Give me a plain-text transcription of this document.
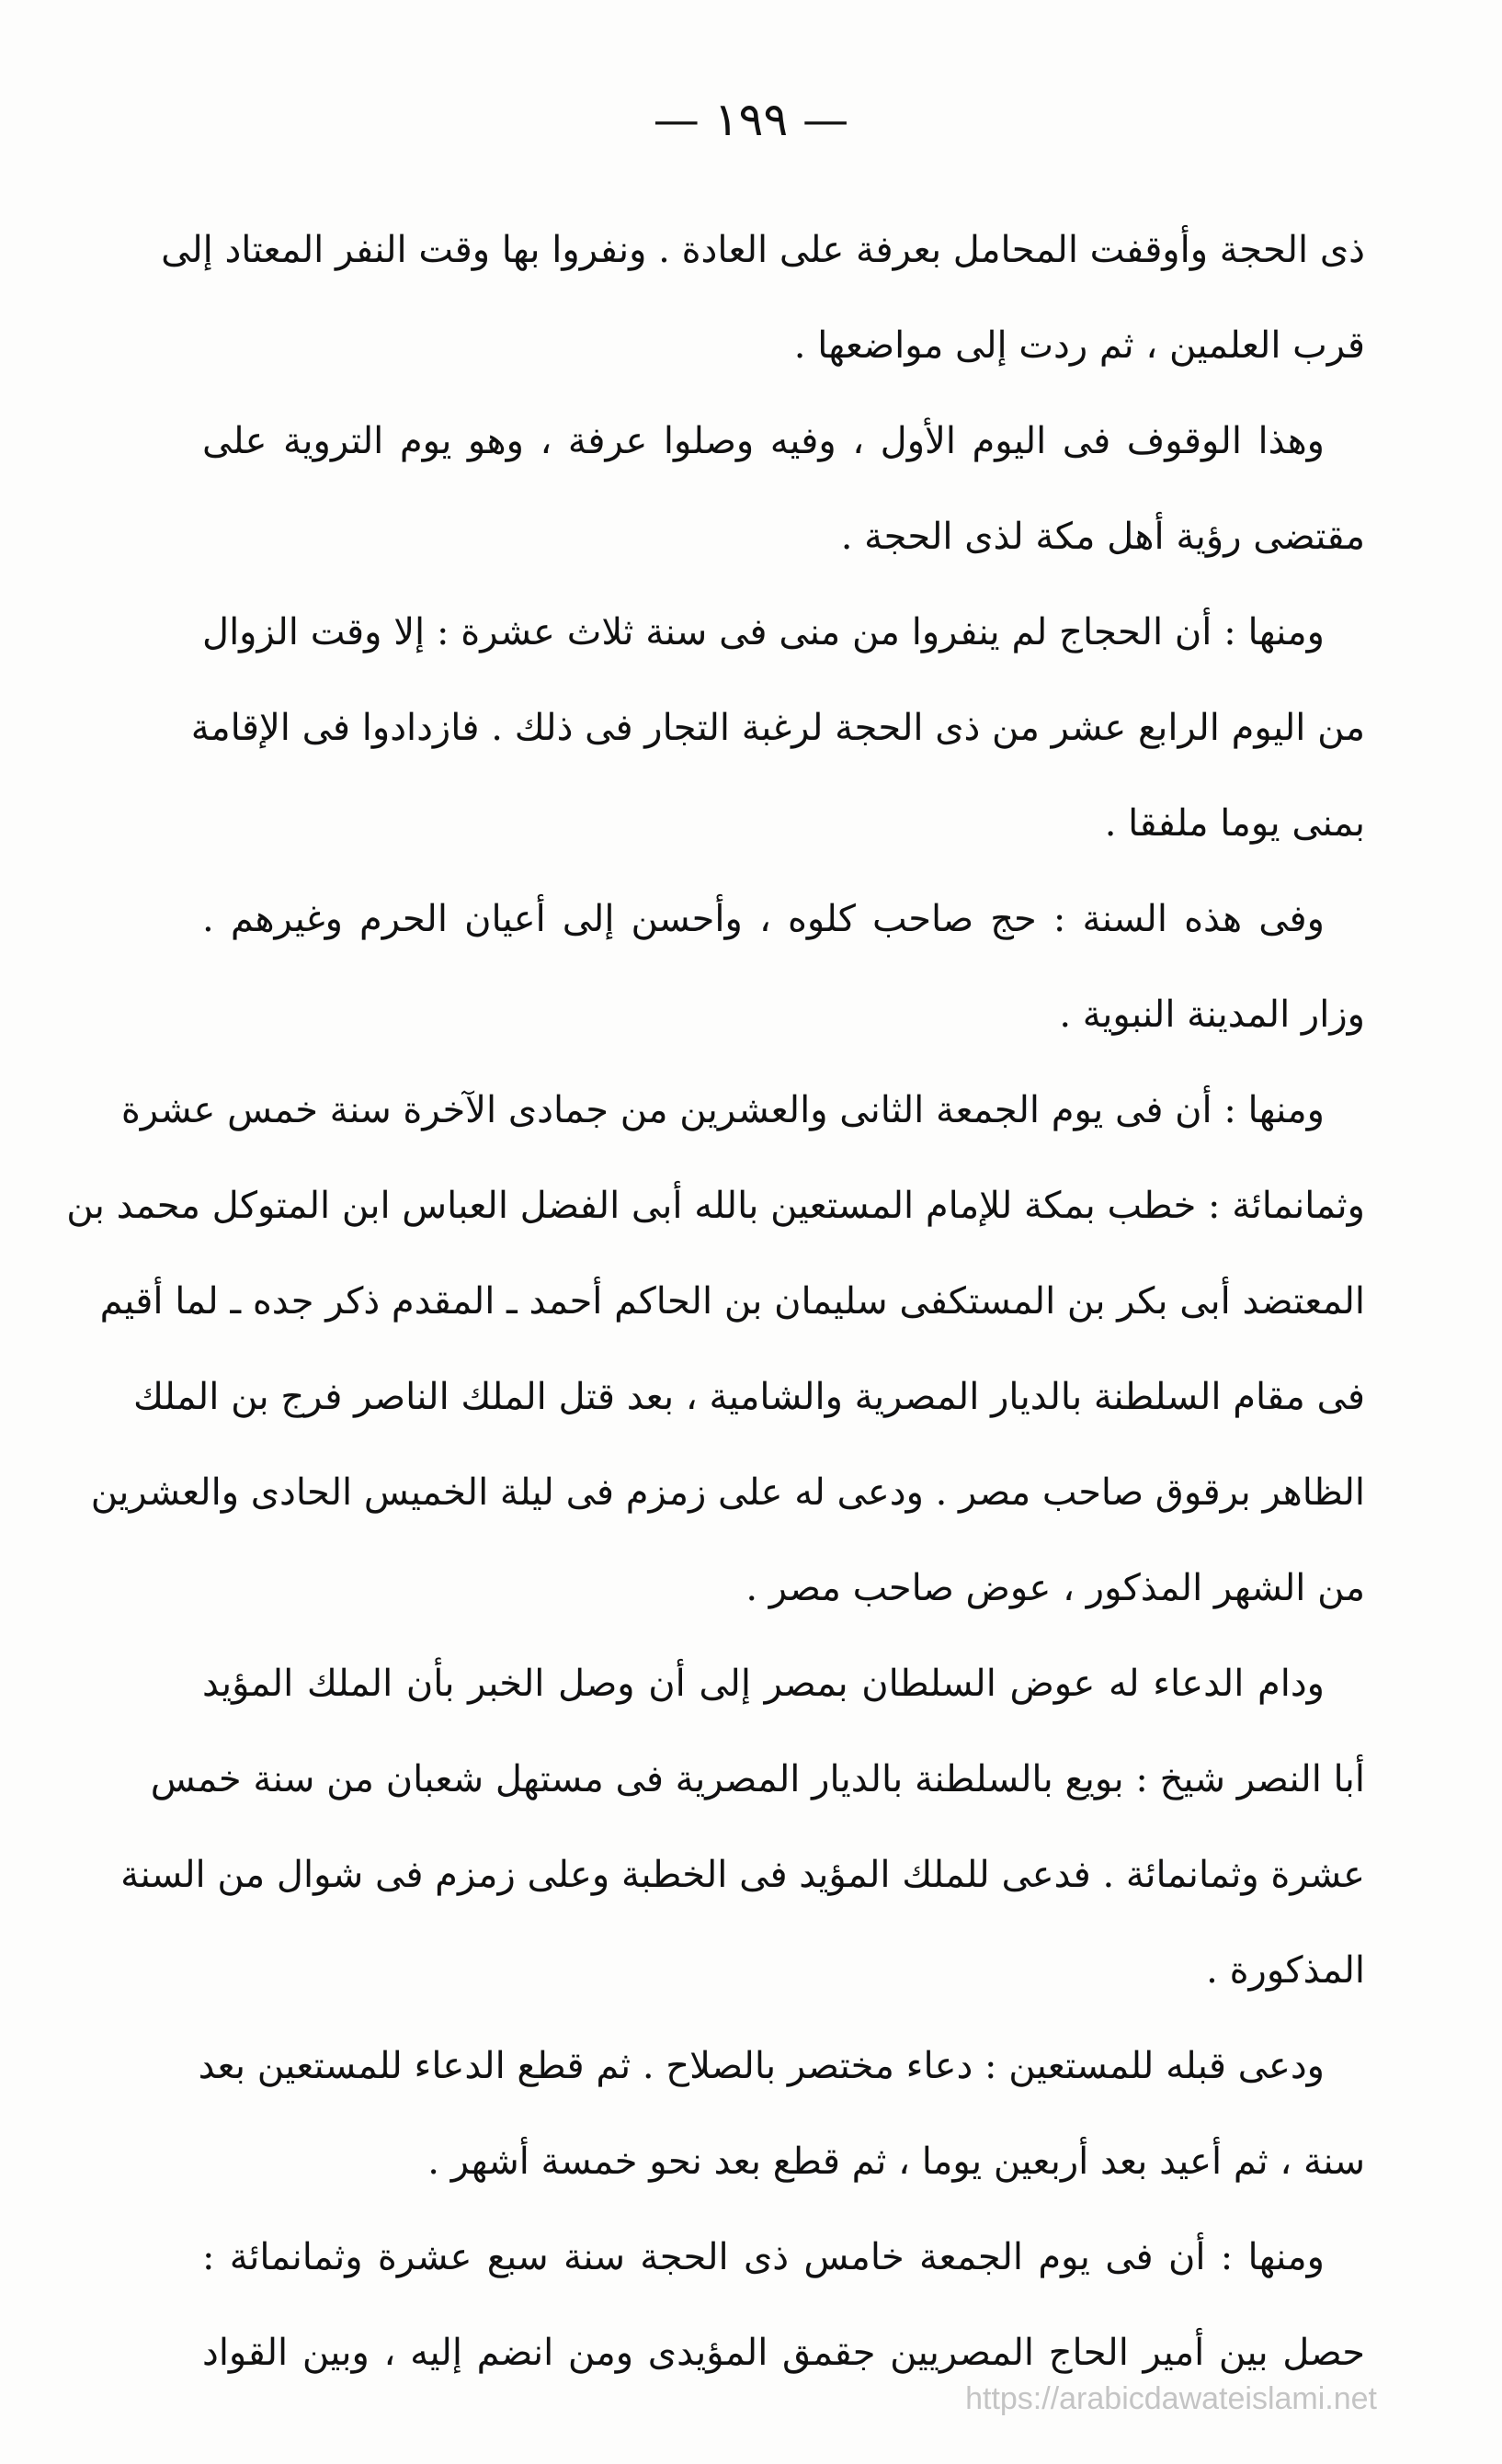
— ١٩٩ —
ذى الحجة وأوقفت المحامل بعرفة على العادة . ونفروا بها وقت النفر المعتاد إلى
قرب العلمين ، ثم ردت إلى مواضعها .
وهذا الوقوف فى اليوم الأول ، وفيه وصلوا عرفة ، وهو يوم التروية على
مقتضى رؤية أهل مكة لذى الحجة .
ومنها : أن الحجاج لم ينفروا من منى فى سنة ثلاث عشرة : إلا وقت الزوال
من اليوم الرابع عشر من ذى الحجة لرغبة التجار فى ذلك . فازدادوا فى الإقامة
بمنى يوما ملفقا .
وفى هذه السنة : حج صاحب كلوه ، وأحسن إلى أعيان الحرم وغيرهم .
وزار المدينة النبوية .
ومنها : أن فى يوم الجمعة الثانى والعشرين من جمادى الآخرة سنة خمس عشرة
وثمانمائة : خطب بمكة للإمام المستعين بالله أبى الفضل العباس ابن المتوكل محمد بن
المعتضد أبى بكر بن المستكفى سليمان بن الحاكم أحمد ـ المقدم ذكر جده ـ لما أقيم
فى مقام السلطنة بالديار المصرية والشامية ، بعد قتل الملك الناصر فرج بن الملك
الظاهر برقوق صاحب مصر . ودعى له على زمزم فى ليلة الخميس الحادى والعشرين
من الشهر المذكور ، عوض صاحب مصر .
ودام الدعاء له عوض السلطان بمصر إلى أن وصل الخبر بأن الملك المؤيد
أبا النصر شيخ : بويع بالسلطنة بالديار المصرية فى مستهل شعبان من سنة خمس
عشرة وثمانمائة . فدعى للملك المؤيد فى الخطبة وعلى زمزم فى شوال من السنة
المذكورة .
ودعى قبله للمستعين : دعاء مختصر بالصلاح . ثم قطع الدعاء للمستعين بعد
سنة ، ثم أعيد بعد أربعين يوما ، ثم قطع بعد نحو خمسة أشهر .
ومنها : أن فى يوم الجمعة خامس ذى الحجة سنة سبع عشرة وثمانمائة :
حصل بين أمير الحاج المصريين جقمق المؤيدى ومن انضم إليه ، وبين القواد
https://arabicdawateislami.net
